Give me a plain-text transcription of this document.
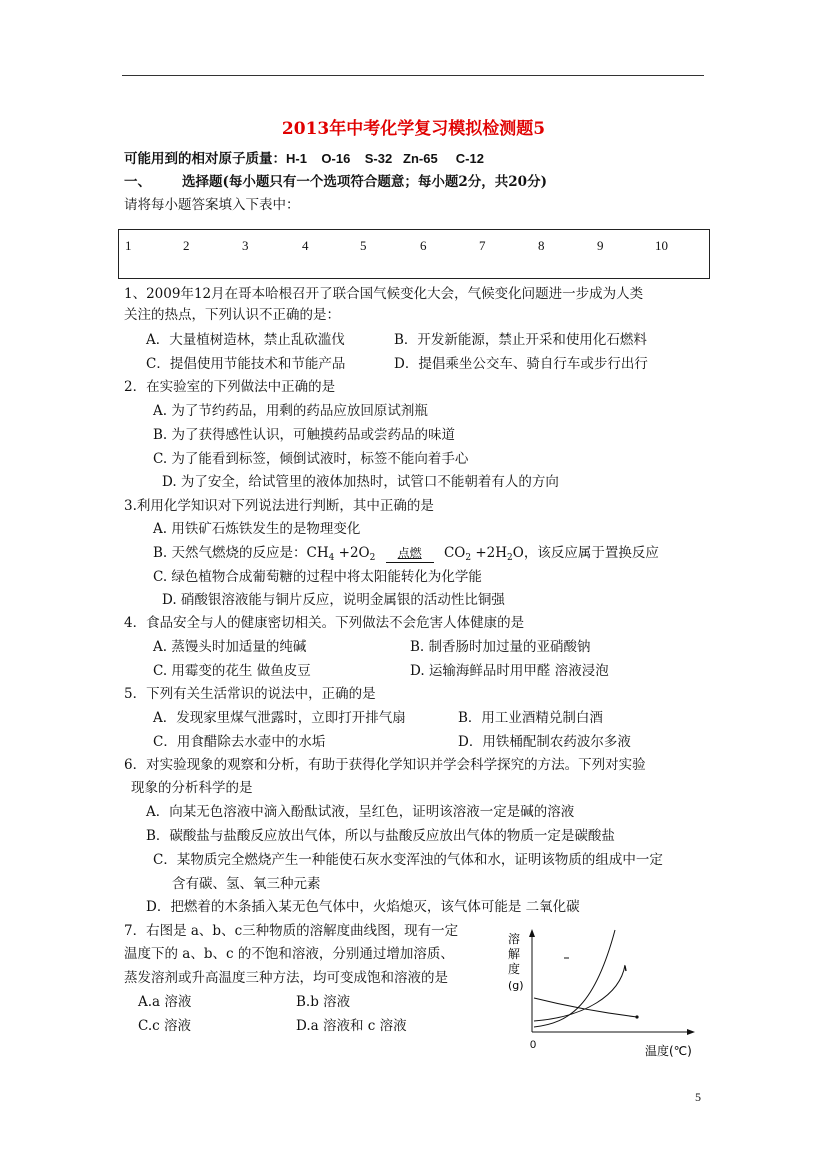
2013年中考化学复习模拟检测题5
可能用到的相对原子质量：H-1    O-16    S-32   Zn-65     C-12
一、 选择题(每小题只有一个选项符合题意；每小题2分，共20分)
请将每小题答案填入下表中：
1	2	3	4	5	6	7	8	9	10
1、2009年12月在哥本哈根召开了联合国气候变化大会，气候变化问题进一步成为人类
关注的热点，下列认识不正确的是：
A．大量植树造林，禁止乱砍滥伐	B．开发新能源，禁止开采和使用化石燃料
C．提倡使用节能技术和节能产品	D．提倡乘坐公交车、骑自行车或步行出行
2．在实验室的下列做法中正确的是
A. 为了节约药品，用剩的药品应放回原试剂瓶
B. 为了获得感性认识，可触摸药品或尝药品的味道
C. 为了能看到标签，倾倒试液时，标签不能向着手心
D. 为了安全，给试管里的液体加热时，试管口不能朝着有人的方向
3.利用化学知识对下列说法进行判断，其中正确的是
A. 用铁矿石炼铁发生的是物理变化
B. 天然气燃烧的反应是：$CH_4 +2O_2$ 点燃 $CO_2 +2H_2O$，该反应属于置换反应
C. 绿色植物合成葡萄糖的过程中将太阳能转化为化学能
D. 硝酸银溶液能与铜片反应，说明金属银的活动性比铜强
4．食品安全与人的健康密切相关。下列做法不会危害人体健康的是
A. 蒸馒头时加适量的纯碱	B. 制香肠时加过量的亚硝酸钠
C. 用霉变的花生 做鱼皮豆	D. 运输海鲜品时用甲醛 溶液浸泡
5．下列有关生活常识的说法中，正确的是
A．发现家里煤气泄露时，立即打开排气扇	B．用工业酒精兑制白酒
C．用食醋除去水壶中的水垢	D．用铁桶配制农药波尔多液
6．对实验现象的观察和分析，有助于获得化学知识并学会科学探究的方法。下列对实验
现象的分析科学的是
A．向某无色溶液中滴入酚酞试液，呈红色，证明该溶液一定是碱的溶液
B．碳酸盐与盐酸反应放出气体，所以与盐酸反应放出气体的物质一定是碳酸盐
C．某物质完全燃烧产生一种能使石灰水变浑浊的气体和水，证明该物质的组成中一定
含有碳、氢、氧三种元素
D．把燃着的木条插入某无色气体中，火焰熄灭，该气体可能是 二氧化碳
7．右图是 a、b、c三种物质的溶解度曲线图，现有一定
温度下的 a、b、c 的不饱和溶液，分别通过增加溶质、
蒸发溶剂或升高温度三种方法，均可变成饱和溶液的是
A.a 溶液	B.b 溶液
C.c 溶液	D.a 溶液和 c 溶液
溶
解
度
(g)
0	温度(℃)
5
